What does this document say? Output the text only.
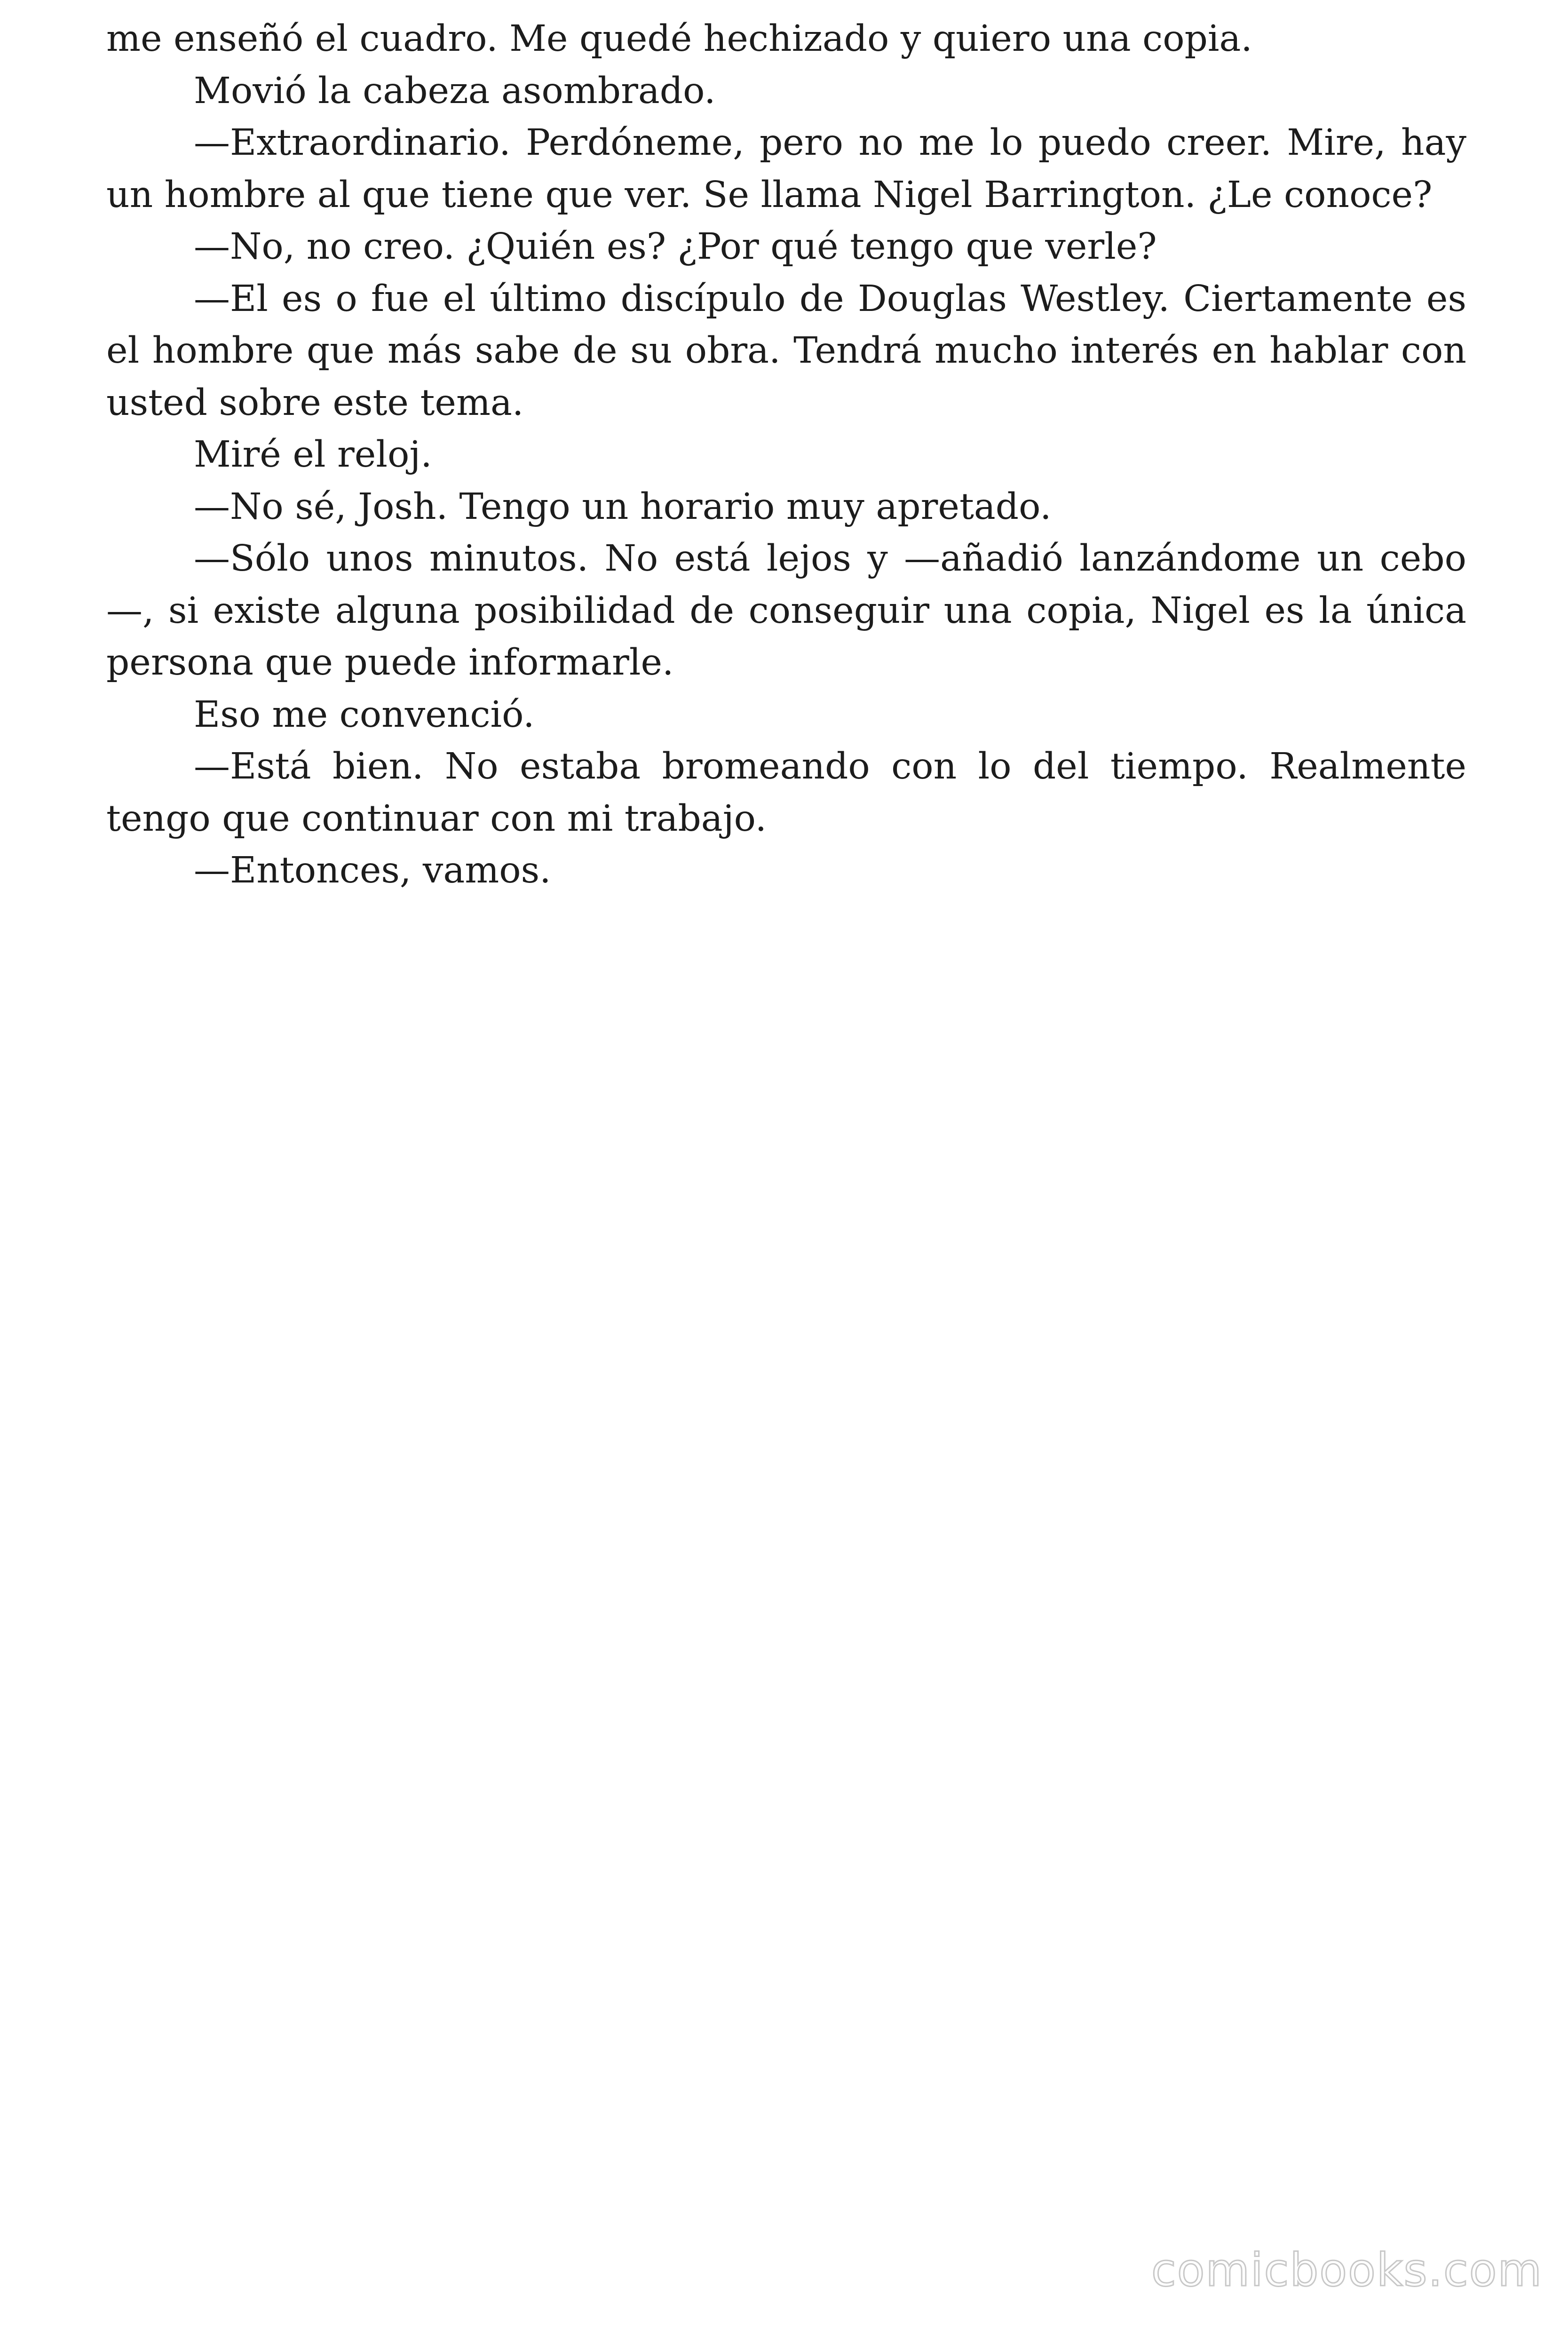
me enseñó el cuadro. Me quedé hechizado y quiero una copia.

Movió la cabeza asombrado.

—Extraordinario. Perdóneme, pero no me lo puedo creer. Mire, hay un hombre al que tiene que ver. Se llama Nigel Barrington. ¿Le conoce?

—No, no creo. ¿Quién es? ¿Por qué tengo que verle?

—El es o fue el último discípulo de Douglas Westley. Ciertamente es el hombre que más sabe de su obra. Tendrá mucho interés en hablar con usted sobre este tema.

Miré el reloj.

—No sé, Josh. Tengo un horario muy apretado.

—Sólo unos minutos. No está lejos y —añadió lanzándome un cebo—, si existe alguna posibilidad de conseguir una copia, Nigel es la única persona que puede informarle.

Eso me convenció.

—Está bien. No estaba bromeando con lo del tiempo. Realmente tengo que continuar con mi trabajo.

—Entonces, vamos.

comicbooks.com
